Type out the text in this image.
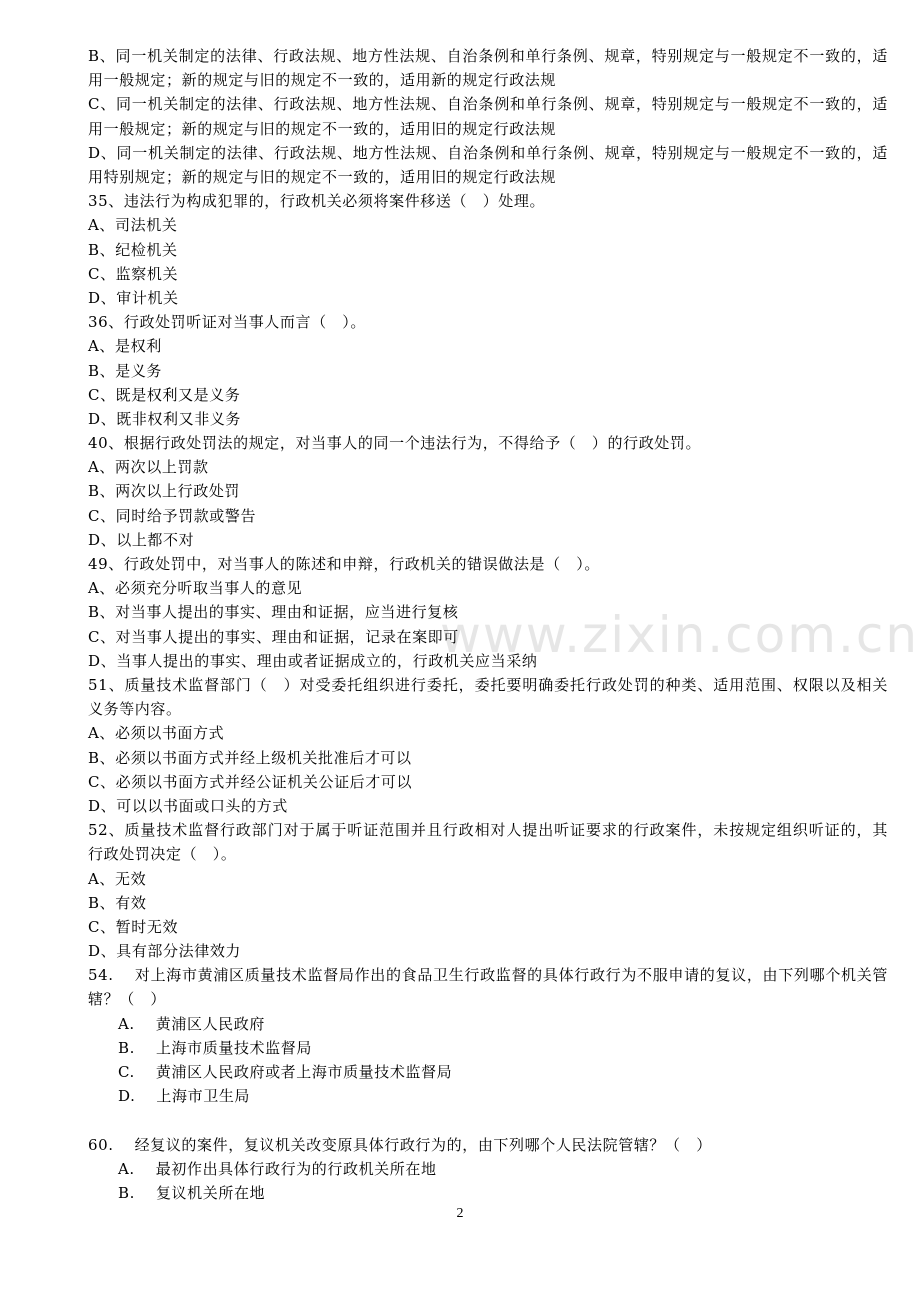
www.zixin.com.cn
B、同一机关制定的法律、行政法规、地方性法规、自治条例和单行条例、规章，特别规定与一般规定不一致的，适用一般规定；新的规定与旧的规定不一致的，适用新的规定行政法规
C、同一机关制定的法律、行政法规、地方性法规、自治条例和单行条例、规章，特别规定与一般规定不一致的，适用一般规定；新的规定与旧的规定不一致的，适用旧的规定行政法规
D、同一机关制定的法律、行政法规、地方性法规、自治条例和单行条例、规章，特别规定与一般规定不一致的，适用特别规定；新的规定与旧的规定不一致的，适用旧的规定行政法规
35、违法行为构成犯罪的，行政机关必须将案件移送（　）处理。
A、司法机关
B、纪检机关
C、监察机关
D、审计机关
36、行政处罚听证对当事人而言（　）。
A、是权利
B、是义务
C、既是权利又是义务
D、既非权利又非义务
40、根据行政处罚法的规定，对当事人的同一个违法行为，不得给予（　）的行政处罚。
A、两次以上罚款
B、两次以上行政处罚
C、同时给予罚款或警告
D、以上都不对
49、行政处罚中，对当事人的陈述和申辩，行政机关的错误做法是（　）。
A、必须充分听取当事人的意见
B、对当事人提出的事实、理由和证据，应当进行复核
C、对当事人提出的事实、理由和证据，记录在案即可
D、当事人提出的事实、理由或者证据成立的，行政机关应当采纳
51、质量技术监督部门（　）对受委托组织进行委托，委托要明确委托行政处罚的种类、适用范围、权限以及相关义务等内容。
A、必须以书面方式
B、必须以书面方式并经上级机关批准后才可以
C、必须以书面方式并经公证机关公证后才可以
D、可以以书面或口头的方式
52、质量技术监督行政部门对于属于听证范围并且行政相对人提出听证要求的行政案件，未按规定组织听证的，其行政处罚决定（　）。
A、无效
B、有效
C、暂时无效
D、具有部分法律效力
54.　 对上海市黄浦区质量技术监督局作出的食品卫生行政监督的具体行政行为不服申请的复议，由下列哪个机关管辖？（　）
A.　 黄浦区人民政府
B.　 上海市质量技术监督局
C.　 黄浦区人民政府或者上海市质量技术监督局
D.　 上海市卫生局
60.　 经复议的案件，复议机关改变原具体行政行为的，由下列哪个人民法院管辖？（　）
A.　 最初作出具体行政行为的行政机关所在地
B.　 复议机关所在地
2
